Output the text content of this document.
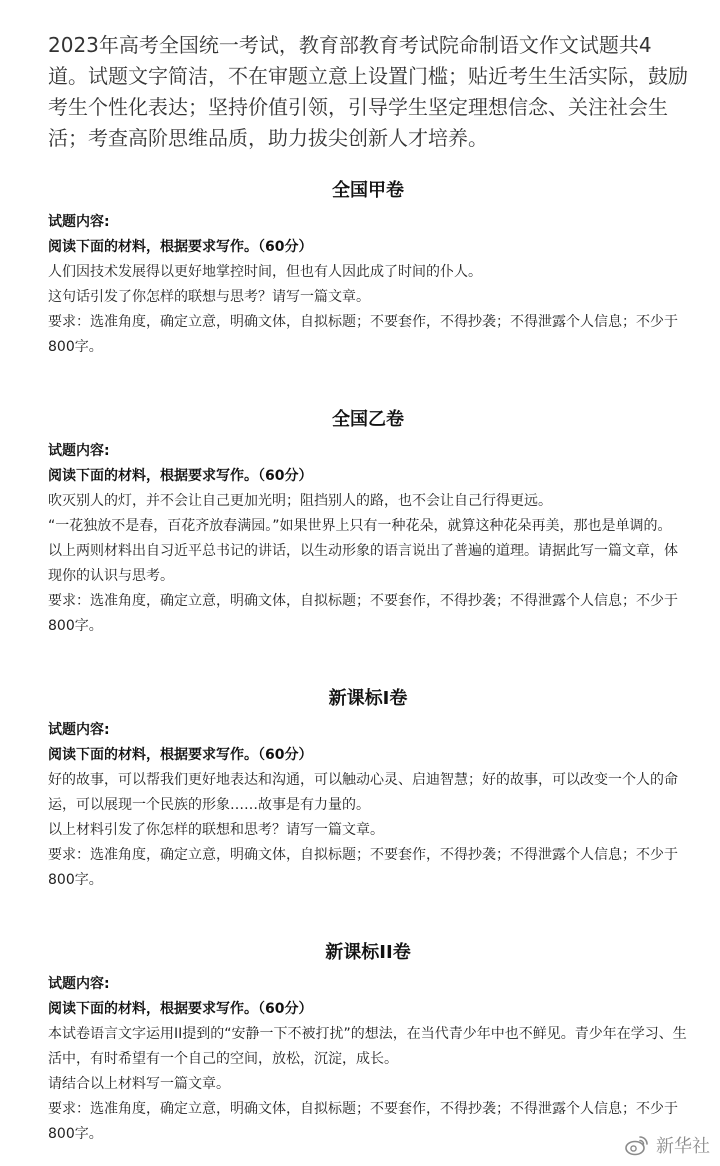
2023年高考全国统一考试，教育部教育考试院命制语文作文试题共4道。试题文字简洁，不在审题立意上设置门槛；贴近考生生活实际，鼓励考生个性化表达；坚持价值引领，引导学生坚定理想信念、关注社会生活；考查高阶思维品质，助力拔尖创新人才培养。
全国甲卷
试题内容:
阅读下面的材料，根据要求写作。（60分）
人们因技术发展得以更好地掌控时间，但也有人因此成了时间的仆人。
这句话引发了你怎样的联想与思考？请写一篇文章。
要求：选准角度，确定立意，明确文体，自拟标题；不要套作，不得抄袭；不得泄露个人信息；不少于800字。
全国乙卷
试题内容:
阅读下面的材料，根据要求写作。（60分）
吹灭别人的灯，并不会让自己更加光明；阻挡别人的路，也不会让自己行得更远。
“一花独放不是春，百花齐放春满园。”如果世界上只有一种花朵，就算这种花朵再美，那也是单调的。
以上两则材料出自习近平总书记的讲话，以生动形象的语言说出了普遍的道理。请据此写一篇文章，体现你的认识与思考。
要求：选准角度，确定立意，明确文体，自拟标题；不要套作，不得抄袭；不得泄露个人信息；不少于800字。
新课标I卷
试题内容:
阅读下面的材料，根据要求写作。（60分）
好的故事，可以帮我们更好地表达和沟通，可以触动心灵、启迪智慧；好的故事，可以改变一个人的命运，可以展现一个民族的形象……故事是有力量的。
以上材料引发了你怎样的联想和思考？请写一篇文章。
要求：选准角度，确定立意，明确文体，自拟标题；不要套作，不得抄袭；不得泄露个人信息；不少于800字。
新课标II卷
试题内容:
阅读下面的材料，根据要求写作。（60分）
本试卷语言文字运用II提到的“安静一下不被打扰”的想法，在当代青少年中也不鲜见。青少年在学习、生活中，有时希望有一个自己的空间，放松，沉淀，成长。
请结合以上材料写一篇文章。
要求：选准角度，确定立意，明确文体，自拟标题；不要套作，不得抄袭；不得泄露个人信息；不少于800字。
新华社
